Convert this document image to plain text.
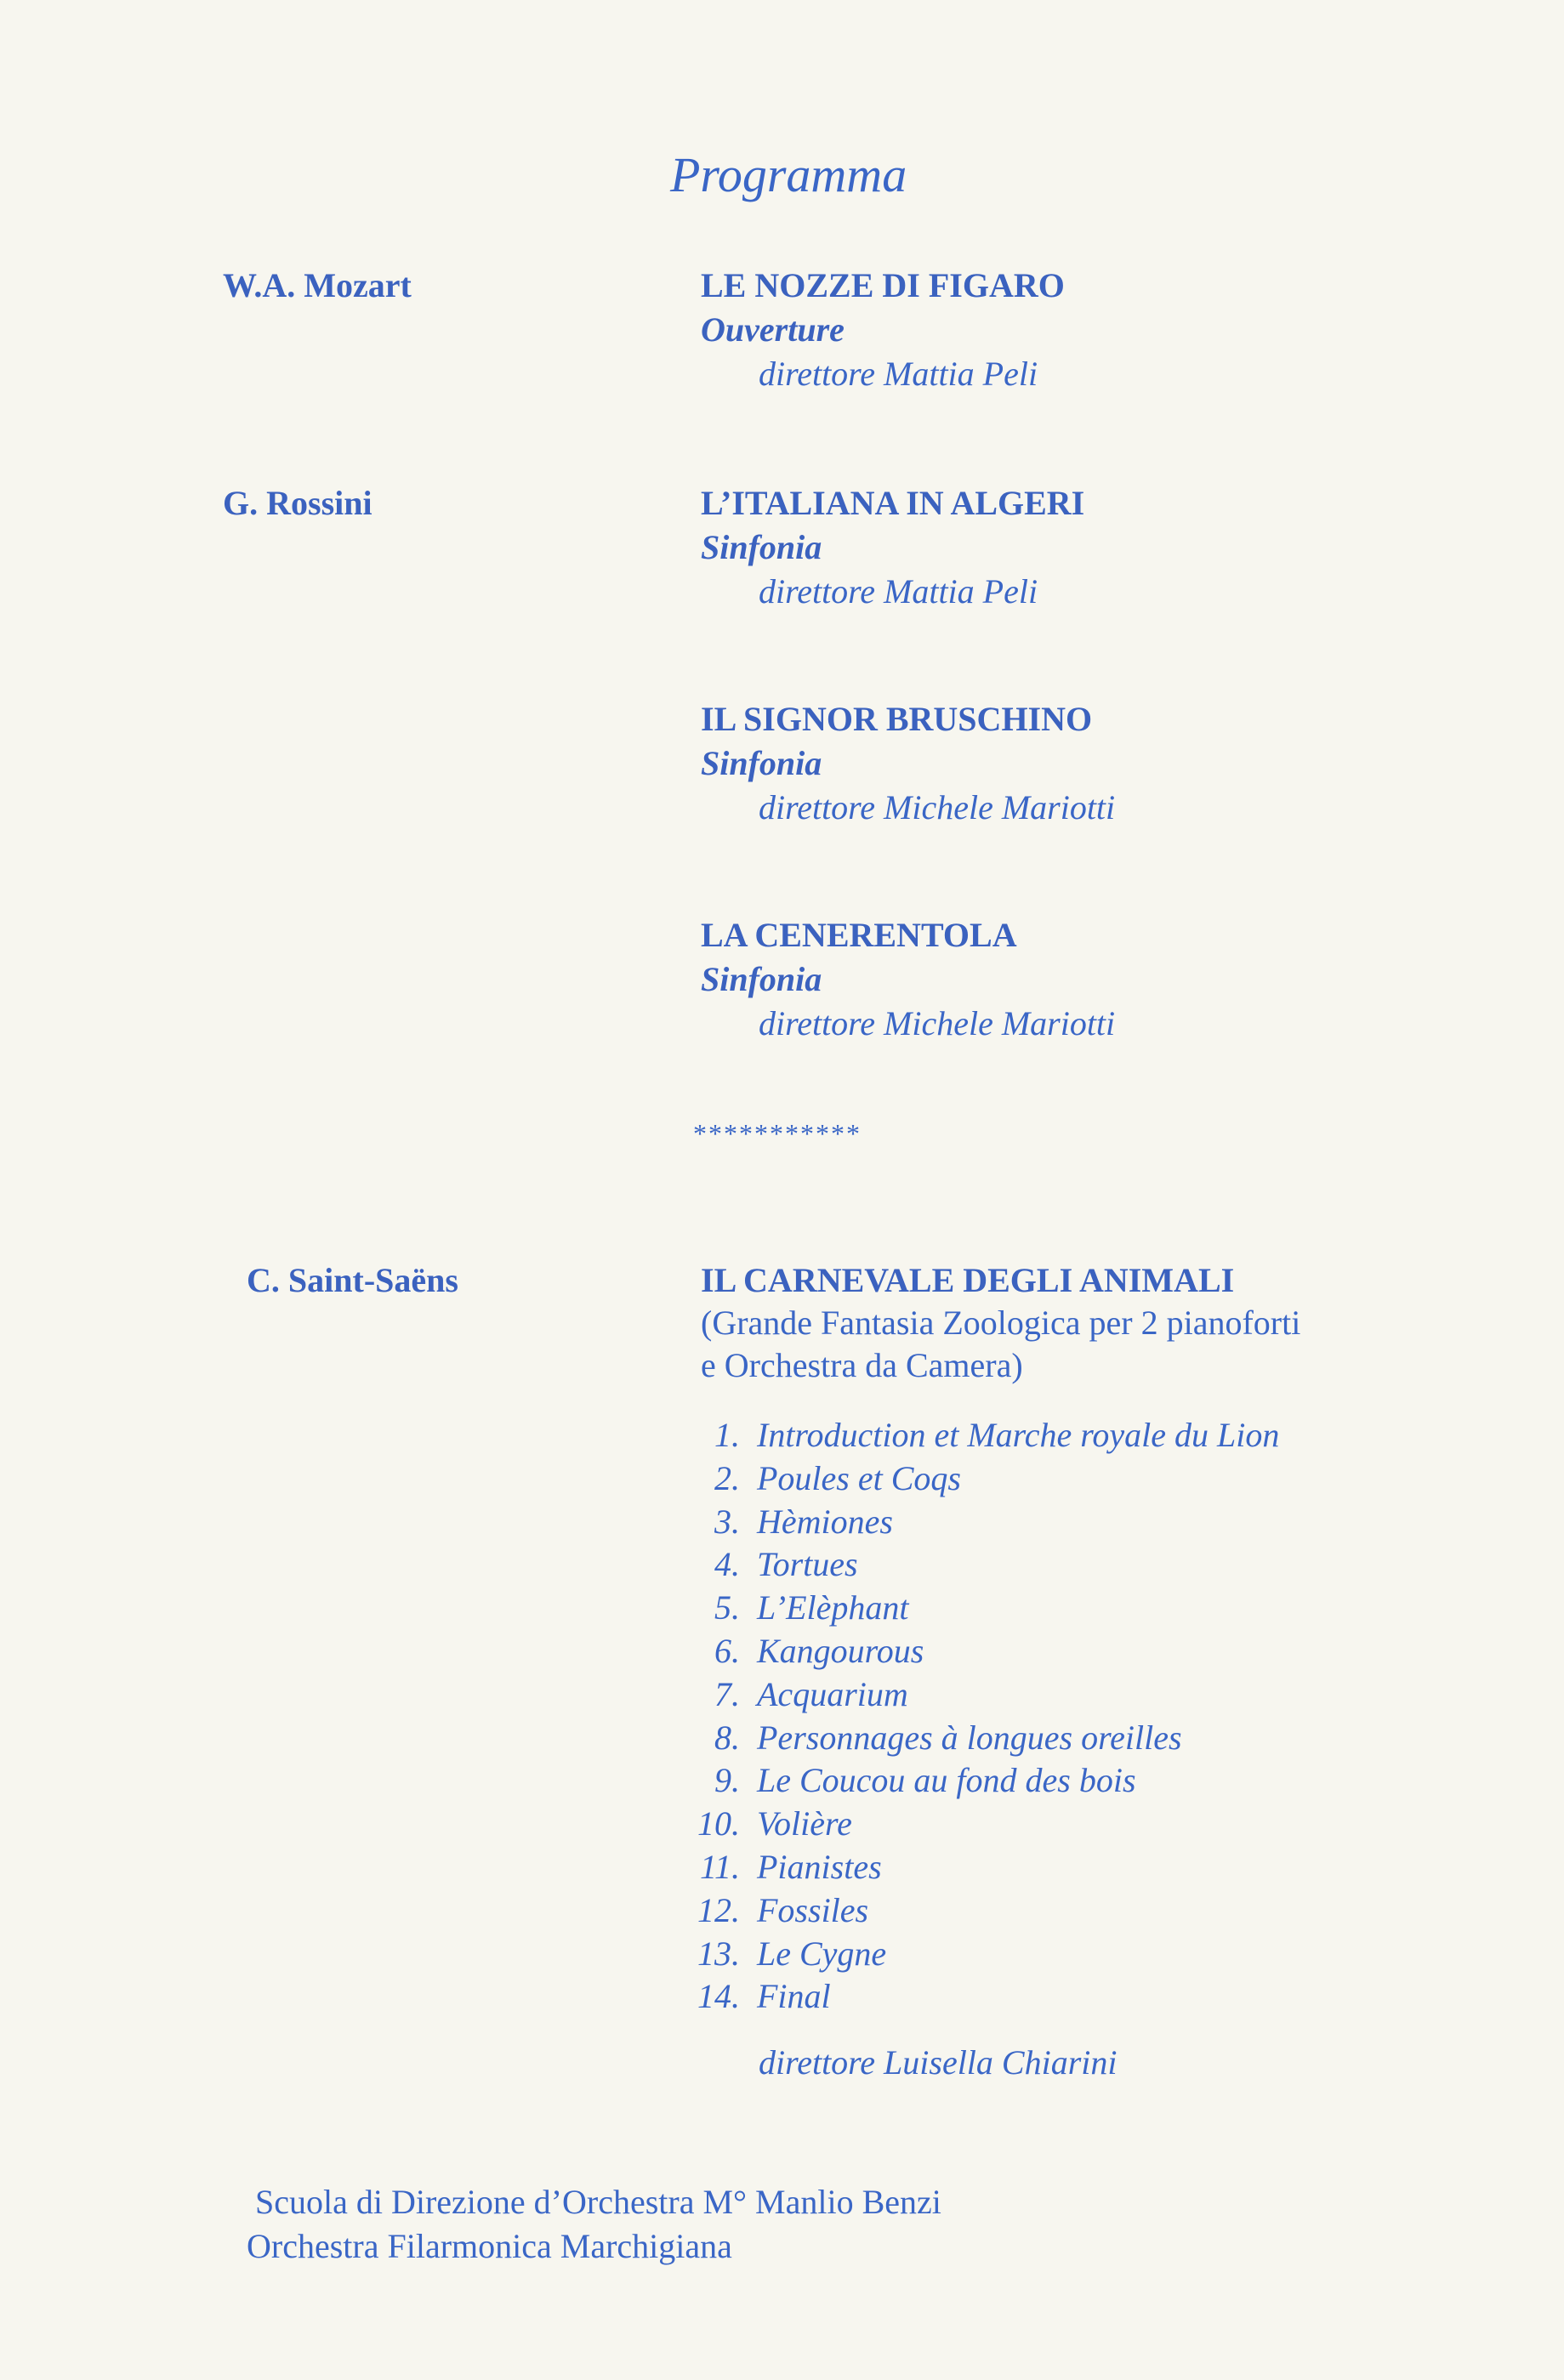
Programma
W.A. Mozart	LE NOZZE DI FIGARO
Ouverture
direttore Mattia Peli
G. Rossini	L’ITALIANA IN ALGERI
Sinfonia
direttore Mattia Peli
IL SIGNOR BRUSCHINO
Sinfonia
direttore Michele Mariotti
LA CENERENTOLA
Sinfonia
direttore Michele Mariotti
***********
C. Saint-Saëns	IL CARNEVALE DEGLI ANIMALI
(Grande Fantasia Zoologica per 2 pianoforti
e Orchestra da Camera)
1. Introduction et Marche royale du Lion
2. Poules et Coqs
3. Hèmiones
4. Tortues
5. L’Elèphant
6. Kangourous
7. Acquarium
8. Personnages à longues oreilles
9. Le Coucou au fond des bois
10. Volière
11. Pianistes
12. Fossiles
13. Le Cygne
14. Final
direttore Luisella Chiarini
Scuola di Direzione d’Orchestra M° Manlio Benzi
Orchestra Filarmonica Marchigiana
